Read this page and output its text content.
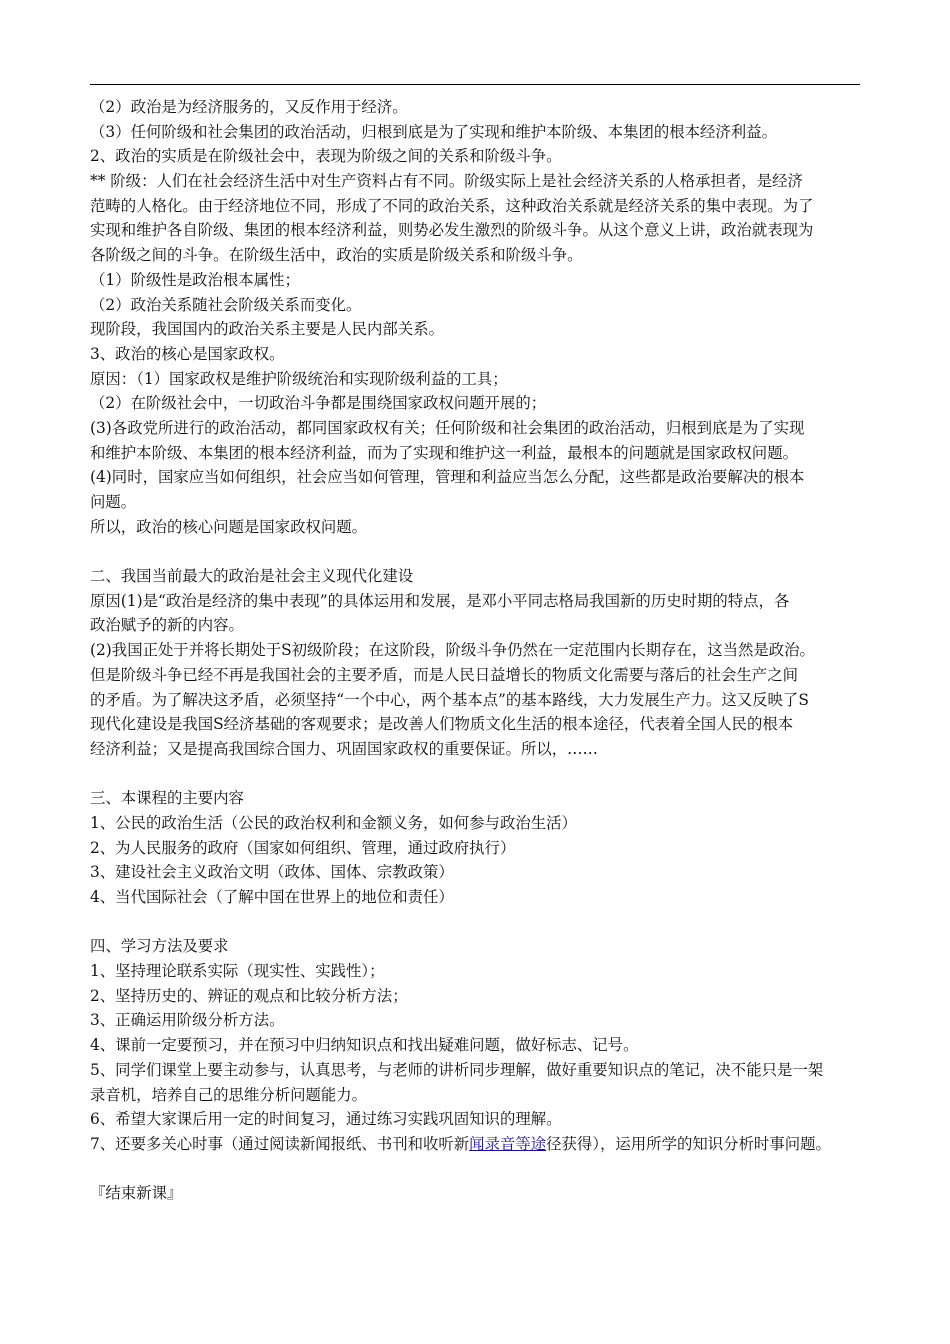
（2）政治是为经济服务的，又反作用于经济。
（3）任何阶级和社会集团的政治活动，归根到底是为了实现和维护本阶级、本集团的根本经济利益。
2、政治的实质是在阶级社会中，表现为阶级之间的关系和阶级斗争。
** 阶级：人们在社会经济生活中对生产资料占有不同。阶级实际上是社会经济关系的人格承担者，是经济
范畴的人格化。由于经济地位不同，形成了不同的政治关系，这种政治关系就是经济关系的集中表现。为了
实现和维护各自阶级、集团的根本经济利益，则势必发生激烈的阶级斗争。从这个意义上讲，政治就表现为
各阶级之间的斗争。在阶级生活中，政治的实质是阶级关系和阶级斗争。
（1）阶级性是政治根本属性；
（2）政治关系随社会阶级关系而变化。
现阶段，我国国内的政治关系主要是人民内部关系。
3、政治的核心是国家政权。
原因：（1）国家政权是维护阶级统治和实现阶级利益的工具；
（2）在阶级社会中，一切政治斗争都是围绕国家政权问题开展的；
(3)各政党所进行的政治活动，都同国家政权有关；任何阶级和社会集团的政治活动，归根到底是为了实现
和维护本阶级、本集团的根本经济利益，而为了实现和维护这一利益，最根本的问题就是国家政权问题。
(4)同时，国家应当如何组织，社会应当如何管理，管理和利益应当怎么分配，这些都是政治要解决的根本
问题。
所以，政治的核心问题是国家政权问题。
二、我国当前最大的政治是社会主义现代化建设
原因(1)是“政治是经济的集中表现”的具体运用和发展，是邓小平同志格局我国新的历史时期的特点，各
政治赋予的新的内容。
(2)我国正处于并将长期处于S初级阶段；在这阶段，阶级斗争仍然在一定范围内长期存在，这当然是政治。
但是阶级斗争已经不再是我国社会的主要矛盾，而是人民日益增长的物质文化需要与落后的社会生产之间
的矛盾。为了解决这矛盾，必须坚持“一个中心，两个基本点”的基本路线，大力发展生产力。这又反映了S
现代化建设是我国S经济基础的客观要求；是改善人们物质文化生活的根本途径，代表着全国人民的根本
经济利益；又是提高我国综合国力、巩固国家政权的重要保证。所以，……
三、本课程的主要内容
1、公民的政治生活（公民的政治权利和金额义务，如何参与政治生活）
2、为人民服务的政府（国家如何组织、管理，通过政府执行）
3、建设社会主义政治文明（政体、国体、宗教政策）
4、当代国际社会（了解中国在世界上的地位和责任）
四、学习方法及要求
1、坚持理论联系实际（现实性、实践性）；
2、坚持历史的、辨证的观点和比较分析方法；
3、正确运用阶级分析方法。
4、课前一定要预习，并在预习中归纳知识点和找出疑难问题，做好标志、记号。
5、同学们课堂上要主动参与，认真思考，与老师的讲析同步理解，做好重要知识点的笔记，决不能只是一架
录音机，培养自己的思维分析问题能力。
6、希望大家课后用一定的时间复习，通过练习实践巩固知识的理解。
7、还要多关心时事（通过阅读新闻报纸、书刊和收听新闻录音等途径获得），运用所学的知识分析时事问题。
『结束新课』
